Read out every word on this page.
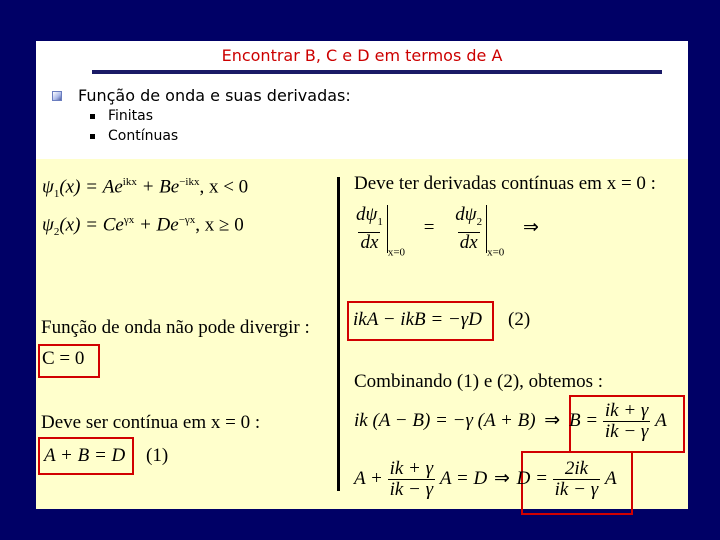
Encontrar B, C e D em termos de A
Função de onda e suas derivadas:
Finitas
Contínuas
$\psi_1(x) = Ae^{ikx} + Be^{-ikx}$, x < 0
$\psi_2(x) = Ce^{\gamma x} + De^{-\gamma x}$, x ≥ 0
Função de onda não pode divergir :
C = 0
Deve ser contínua em x = 0 :
A + B = D (1)
Deve ter derivadas contínuas em x = 0 :
$\frac{d\psi_1}{dx} _{x=0} = \frac{d\psi_2}{dx} _{x=0}$ ⇒
ikA − ikB = −γD (2)
Combinando (1) e (2), obtemos :
ik (A − B) = −γ (A + B) ⇒ $B = \frac{ik + \gamma}{ik - \gamma}$ A
$A + \frac{ik + \gamma}{ik - \gamma}$ A = D ⇒ $D = \frac{2ik}{ik - \gamma}$ A
